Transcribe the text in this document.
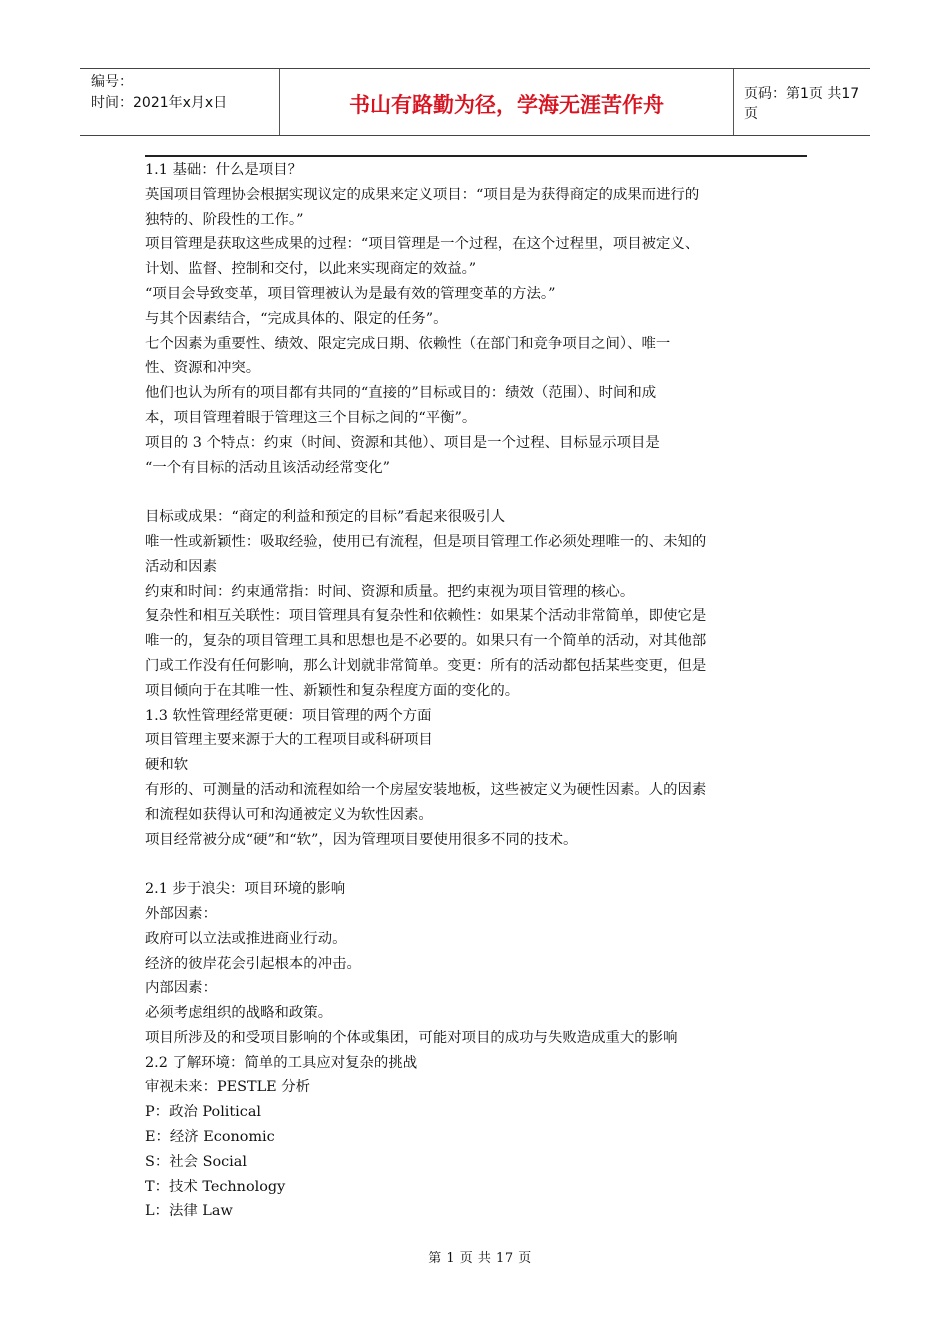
编号：
时间：2021年x月x日	书山有路勤为径，学海无涯苦作舟	页码：第1页 共17页
1.1 基础：什么是项目？
英国项目管理协会根据实现议定的成果来定义项目：“项目是为获得商定的成果而进行的
独特的、阶段性的工作。”
项目管理是获取这些成果的过程：“项目管理是一个过程，在这个过程里，项目被定义、
计划、监督、控制和交付，以此来实现商定的效益。”
“项目会导致变革，项目管理被认为是最有效的管理变革的方法。”
与其个因素结合，“完成具体的、限定的任务”。
七个因素为重要性、绩效、限定完成日期、依赖性（在部门和竞争项目之间）、唯一
性、资源和冲突。
他们也认为所有的项目都有共同的“直接的”目标或目的：绩效（范围）、时间和成
本，项目管理着眼于管理这三个目标之间的“平衡”。
项目的 3 个特点：约束（时间、资源和其他）、项目是一个过程、目标显示项目是
“一个有目标的活动且该活动经常变化”
目标或成果：“商定的利益和预定的目标”看起来很吸引人
唯一性或新颖性：吸取经验，使用已有流程，但是项目管理工作必须处理唯一的、未知的
活动和因素
约束和时间：约束通常指：时间、资源和质量。把约束视为项目管理的核心。
复杂性和相互关联性：项目管理具有复杂性和依赖性：如果某个活动非常简单，即使它是
唯一的，复杂的项目管理工具和思想也是不必要的。如果只有一个简单的活动，对其他部
门或工作没有任何影响，那么计划就非常简单。变更：所有的活动都包括某些变更，但是
项目倾向于在其唯一性、新颖性和复杂程度方面的变化的。
1.3 软性管理经常更硬：项目管理的两个方面
项目管理主要来源于大的工程项目或科研项目
硬和软
有形的、可测量的活动和流程如给一个房屋安装地板，这些被定义为硬性因素。人的因素
和流程如获得认可和沟通被定义为软性因素。
项目经常被分成“硬”和“软”，因为管理项目要使用很多不同的技术。
2.1 步于浪尖：项目环境的影响
外部因素：
政府可以立法或推进商业行动。
经济的彼岸花会引起根本的冲击。
内部因素：
必须考虑组织的战略和政策。
项目所涉及的和受项目影响的个体或集团，可能对项目的成功与失败造成重大的影响
2.2 了解环境：简单的工具应对复杂的挑战
审视未来：PESTLE 分析
P：政治 Political
E：经济 Economic
S：社会 Social
T：技术 Technology
L：法律 Law
第 1 页 共 17 页
